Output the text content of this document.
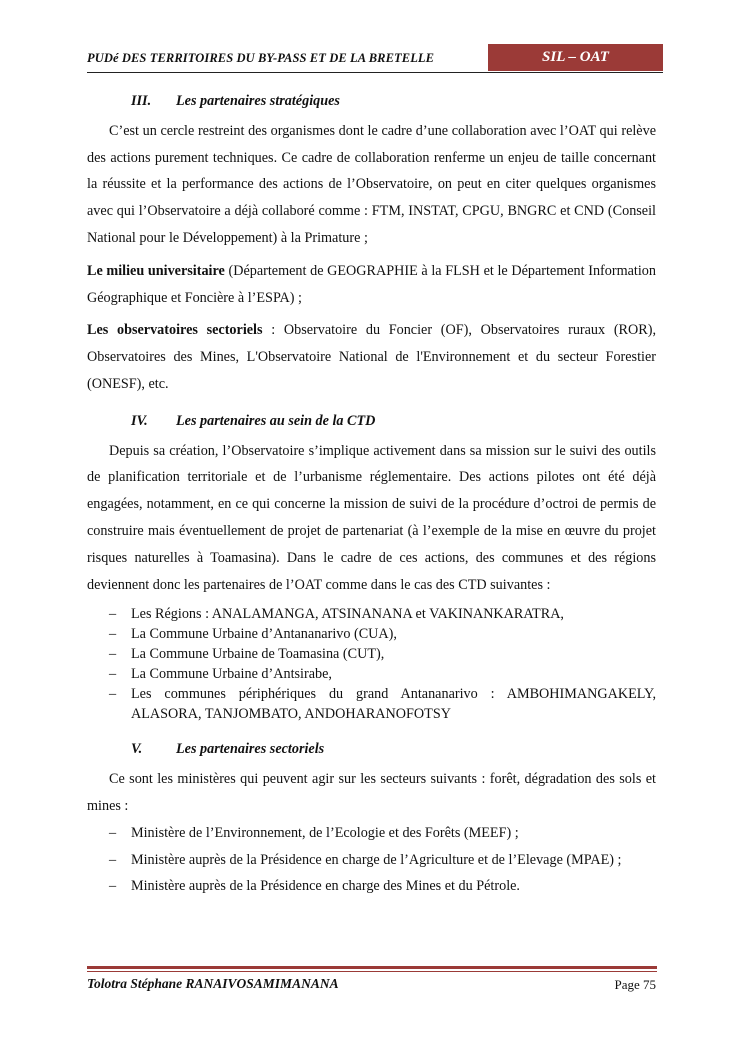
PUDé DES TERRITOIRES DU BY-PASS ET DE LA BRETELLE	SIL – OAT
III. Les partenaires stratégiques

C’est un cercle restreint des organismes dont le cadre d’une collaboration avec l’OAT qui relève des actions purement techniques. Ce cadre de collaboration renferme un enjeu de taille concernant la réussite et la performance des actions de l’Observatoire, on peut en citer quelques organismes avec qui l’Observatoire a déjà collaboré comme : FTM, INSTAT, CPGU, BNGRC et CND (Conseil National pour le Développement) à la Primature ;

Le milieu universitaire (Département de GEOGRAPHIE à la FLSH et le Département Information Géographique et Foncière à l’ESPA) ;

Les observatoires sectoriels : Observatoire du Foncier (OF), Observatoires ruraux (ROR), Observatoires des Mines, L'Observatoire National de l'Environnement et du secteur Forestier (ONESF), etc.

IV. Les partenaires au sein de la CTD

Depuis sa création, l’Observatoire s’implique activement dans sa mission sur le suivi des outils de planification territoriale et de l’urbanisme réglementaire. Des actions pilotes ont été déjà engagées, notamment, en ce qui concerne la mission de suivi de la procédure d’octroi de permis de construire mais éventuellement de projet de partenariat (à l’exemple de la mise en œuvre du projet risques naturelles à Toamasina). Dans le cadre de ces actions, des communes et des régions deviennent donc les partenaires de l’OAT comme dans le cas des CTD suivantes :

– Les Régions : ANALAMANGA, ATSINANANA et VAKINANKARATRA,
– La Commune Urbaine d’Antananarivo (CUA),
– La Commune Urbaine de Toamasina (CUT),
– La Commune Urbaine d’Antsirabe,
– Les communes périphériques du grand Antananarivo : AMBOHIMANGAKELY, ALASORA, TANJOMBATO, ANDOHARANOFOTSY
V. Les partenaires sectoriels

Ce sont les ministères qui peuvent agir sur les secteurs suivants : forêt, dégradation des sols et mines :

– Ministère de l’Environnement, de l’Ecologie et des Forêts (MEEF) ;
– Ministère auprès de la Présidence en charge de l’Agriculture et de l’Elevage (MPAE) ;
– Ministère auprès de la Présidence en charge des Mines et du Pétrole.
Tolotra Stéphane RANAIVOSAMIMANANA	Page 75
